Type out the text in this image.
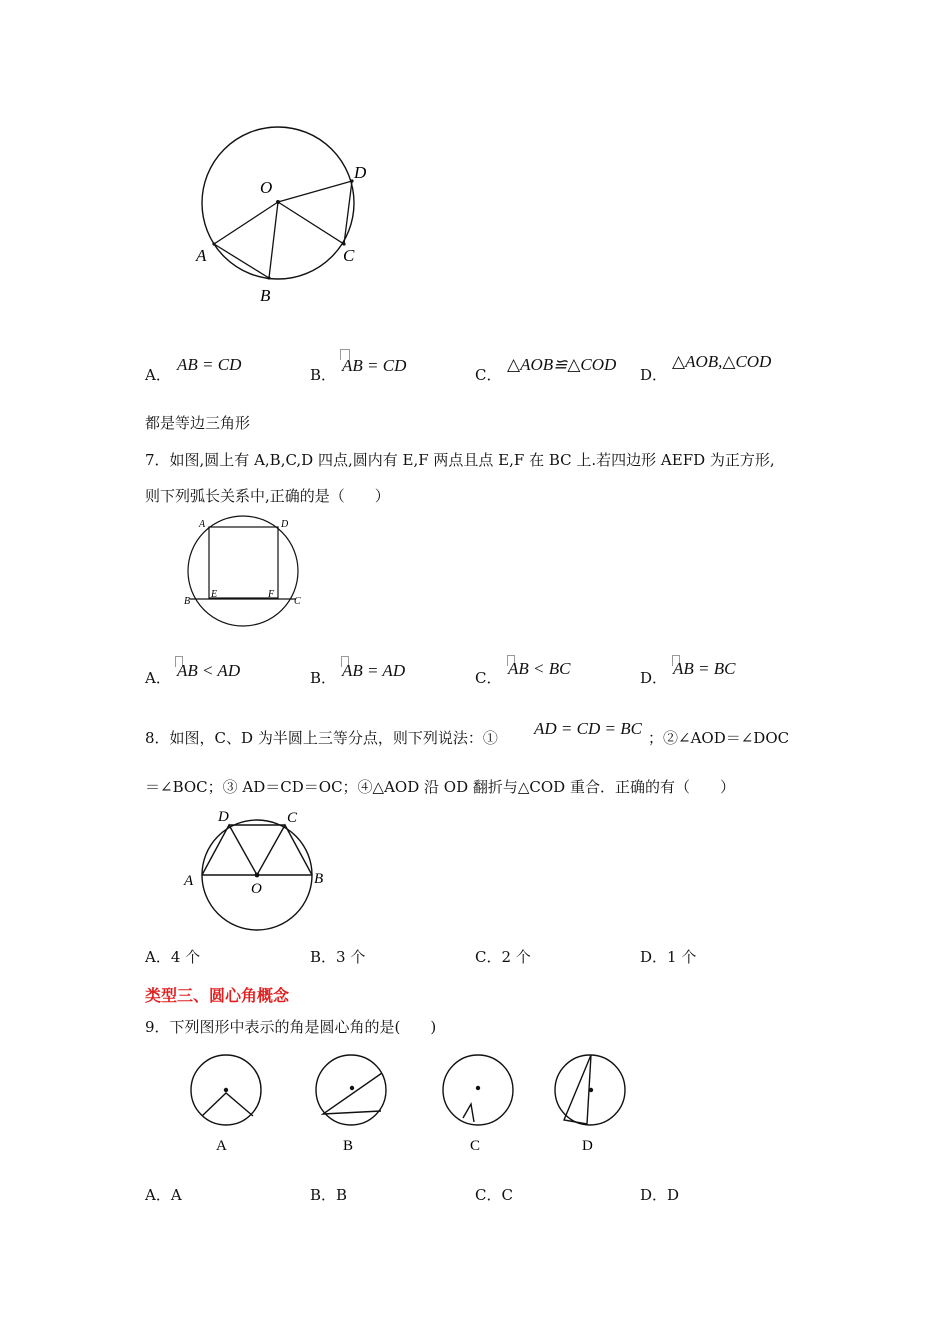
O
D
A	C
B
A．
AB = CD
B． AB = CD	C．
△AOB≌△COD
D．
△AOB,△COD
都是等边三角形
7．如图,圆上有 A,B,C,D 四点,圆内有 E,F 两点且点 E,F 在 BC 上.若四边形 AEFD 为正方形,
则下列弧长关系中,正确的是（　　）
A	D
B	C
E	F
A． AB < AD	B． AB = AD	C． AB < BC	D． AB = BC
8．如图，C、D 为半圆上三等分点，则下列说法：① AD = CD = BC ；②∠AOD＝∠DOC
＝∠BOC；③ AD＝CD＝OC；④△AOD 沿 OD 翻折与△COD 重合．正确的有（　　）
D	C
A	B
O
A．4 个	B．3 个	C．2 个	D．1 个
类型三、圆心角概念
9．下列图形中表示的角是圆心角的是(　　)
A	B	C	D
A．A	B．B	C．C	D．D
